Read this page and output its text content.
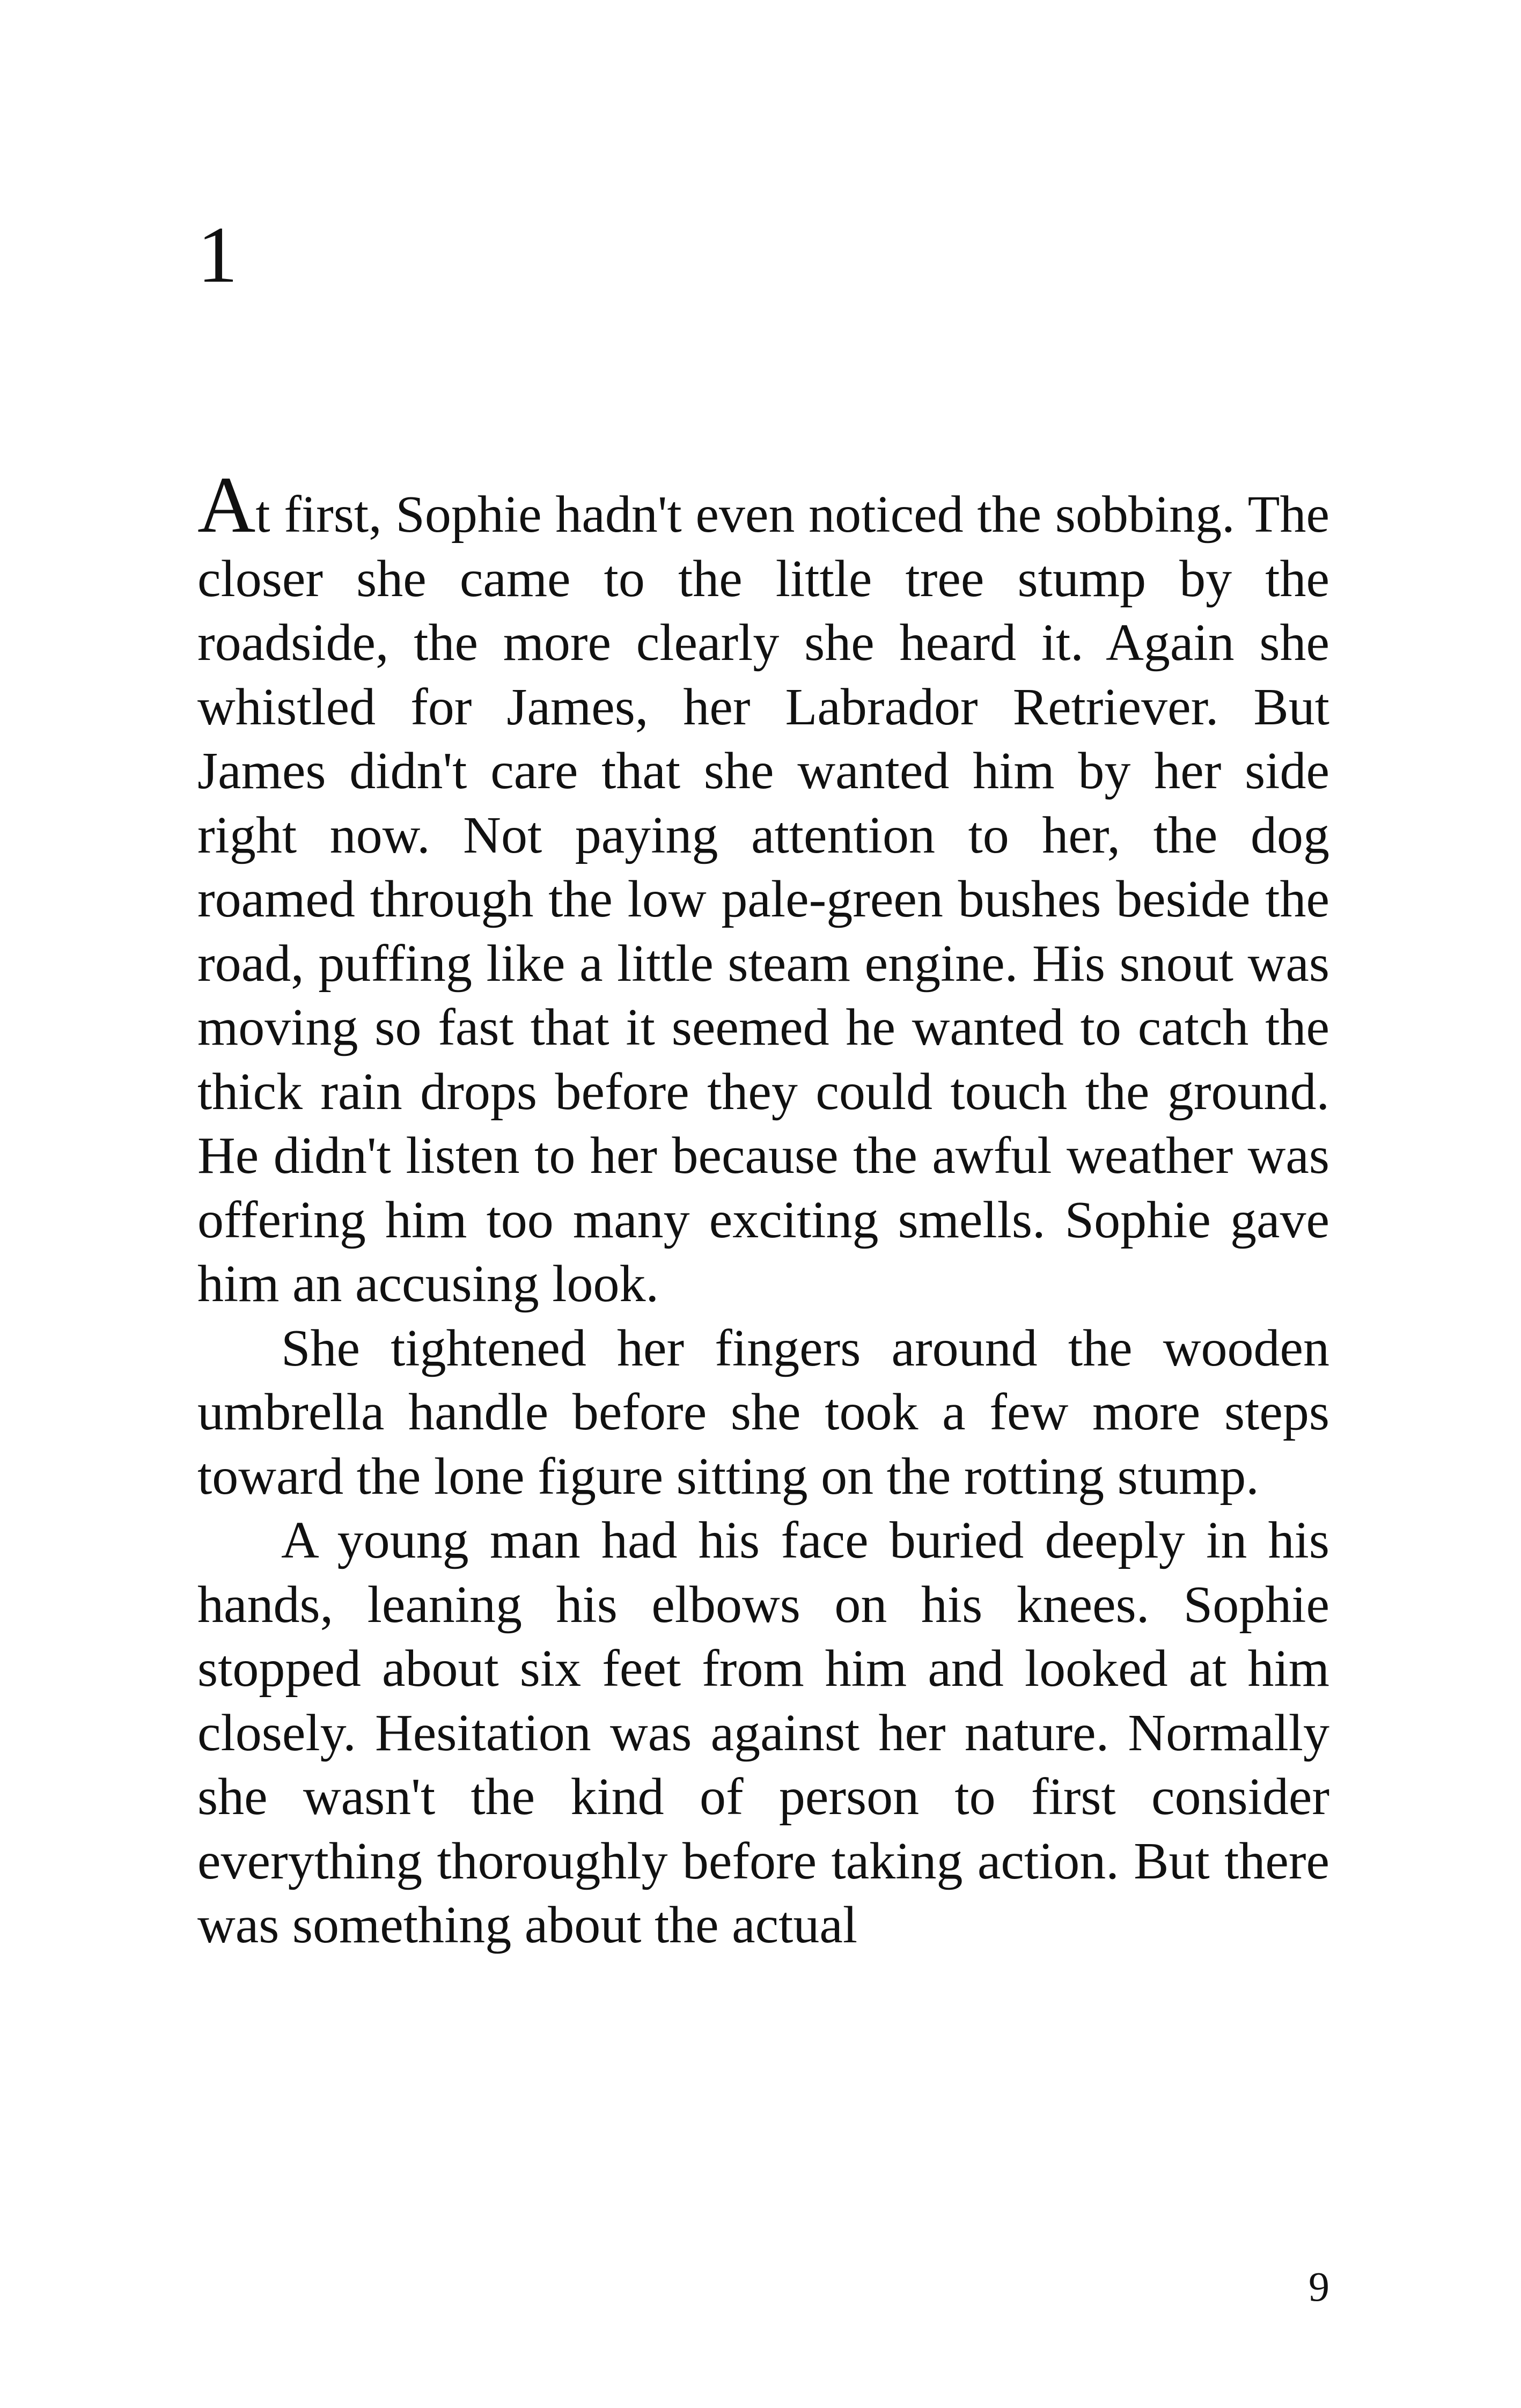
1

At first, Sophie hadn't even noticed the sobbing. The closer she came to the little tree stump by the roadside, the more clearly she heard it. Again she whistled for James, her Labrador Retriever. But James didn't care that she wanted him by her side right now. Not paying attention to her, the dog roamed through the low pale-green bushes beside the road, puffing like a little steam engine. His snout was moving so fast that it seemed he wanted to catch the thick rain drops before they could touch the ground. He didn't listen to her because the awful weather was offering him too many exciting smells. Sophie gave him an accusing look.

She tightened her fingers around the wooden umbrella handle before she took a few more steps toward the lone figure sitting on the rotting stump.

A young man had his face buried deeply in his hands, leaning his elbows on his knees. Sophie stopped about six feet from him and looked at him closely. Hesitation was against her nature. Normally she wasn't the kind of person to first consider everything thoroughly before taking action. But there was something about the actual

9
